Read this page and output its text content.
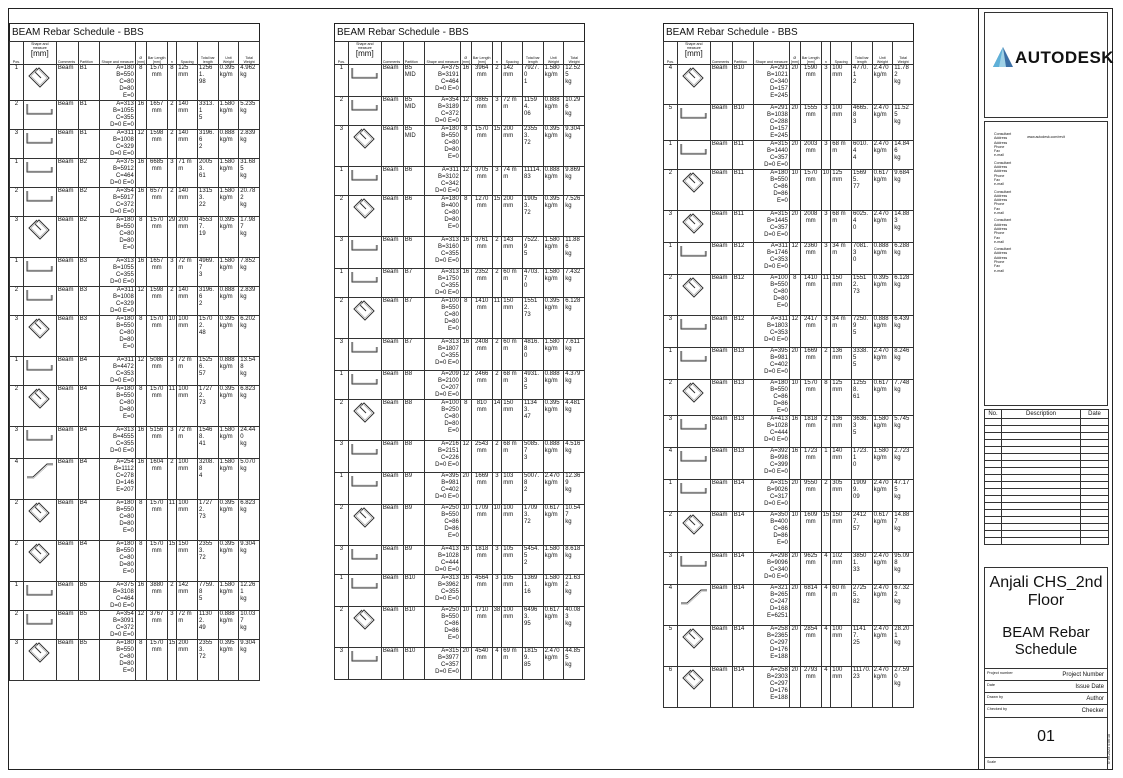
BEAM Rebar Schedule - BBS
Pos.	Shape and measure
[mm]	Comments	Partition	Shape and measure	Ø [mm]	Bar Length [mm]	n	Spacing	Total bar length	Unit Weight	Total Weight
1		Beam	B1	A=180
B=550
C=80
D=80
E=0	8	1570
mm	8	125
mm	12561.
98	0.395
kg/m	4.962
kg
2		Beam	B1	A=313
B=1055
C=355
D=0 E=0	16	1657
mm	2	140
mm	3313.1
5	1.580
kg/m	5.235
kg
3		Beam	B1	A=311
B=1008
C=329
D=0 E=0	12	1598
mm	2	140
mm	3196.6
2	0.888
kg/m	2.839
kg
1		Beam	B2	A=375
B=5912
C=464
D=0 E=0	16	6685
mm	3	71 mm	20053.
61	1.580
kg/m	31.685
kg
2		Beam	B2	A=354
B=5917
C=372
D=0 E=0	16	6577
mm	2	140
mm	13153.
22	1.580
kg/m	20.782
kg
3		Beam	B2	A=180
B=550
C=80
D=80
E=0	8	1570
mm	29	200
mm	45537.
19	0.395
kg/m	17.987
kg
1		Beam	B3	A=313
B=1055
C=355
D=0 E=0	16	1657
mm	3	72 mm	4969.7
3	1.580
kg/m	7.852
kg
2		Beam	B3	A=311
B=1008
C=329
D=0 E=0	12	1598
mm	2	140
mm	3196.6
2	0.888
kg/m	2.839
kg
3		Beam	B3	A=180
B=550
C=80
D=80
E=0	8	1570
mm	10	100
mm	15702.
48	0.395
kg/m	6.202
kg
1		Beam	B4	A=311
B=4472
C=353
D=0 E=0	12	5086
mm	3	72 mm	15256.
57	0.888
kg/m	13.548
kg
2		Beam	B4	A=180
B=550
C=80
D=80
E=0	8	1570
mm	11	100
mm	17272.
73	0.395
kg/m	6.823
kg
3		Beam	B4	A=313
B=4555
C=355
D=0 E=0	16	5156
mm	3	72 mm	15468.
41	1.580
kg/m	24.440
kg
4		Beam	B4	A=254
B=1112
C=278
D=146
E=207	16	1604
mm	2	100
mm	3208.8
4	1.580
kg/m	5.070
kg
2		Beam	B4	A=180
B=550
C=80
D=80
E=0	8	1570
mm	11	100
mm	17272.
73	0.395
kg/m	6.823
kg
2		Beam	B4	A=180
B=550
C=80
D=80
E=0	8	1570
mm	15	150
mm	23553.
72	0.395
kg/m	9.304
kg
1		Beam	B5	A=375
B=3108
C=464
D=0 E=0	16	3880
mm	2	142
mm	7759.8
5	1.580
kg/m	12.261
kg
2		Beam	B5	A=354
B=3091
C=372
D=0 E=0	12	3767
mm	3	72 mm	11302.
49	0.888
kg/m	10.037
kg
3		Beam	B5	A=180
B=550
C=80
D=80
E=0	8	1570
mm	15	200
mm	23553.
72	0.395
kg/m	9.304
kg
BEAM Rebar Schedule - BBS
Pos.	Shape and measure
[mm]	Comments	Partition	Shape and measure	Ø [mm]	Bar Length [mm]	n	Spacing	Total bar length	Unit Weight	Total Weight
1		Beam	B5
MID	A=375
B=3191
C=464
D=0 E=0	16	3964
mm	2	142
mm	7927.0
1	1.580
kg/m	12.525
kg
2		Beam	B5
MID	A=354
B=3189
C=372
D=0 E=0	12	3865
mm	3	72 mm	11594.
06	0.888
kg/m	10.296
kg
3		Beam	B5
MID	A=180
B=550
C=80
D=80
E=0	8	1570
mm	15	200
mm	23553.
72	0.395
kg/m	9.304
kg
1		Beam	B6	A=311
B=3102
C=342
D=0 E=0	12	3705
mm	3	74 mm	11114.
83	0.888
kg/m	9.869
kg
2		Beam	B6	A=180
B=400
C=80
D=80
E=0	8	1270
mm	15	200
mm	19053.
72	0.395
kg/m	7.526
kg
3		Beam	B6	A=313
B=3160
C=355
D=0 E=0	16	3761
mm	2	143
mm	7522.9
5	1.580
kg/m	11.886
kg
1		Beam	B7	A=313
B=1750
C=355
D=0 E=0	16	2352
mm	2	60 mm	4703.7
0	1.580
kg/m	7.432
kg
2		Beam	B7	A=100
B=550
C=80
D=80
E=0	8	1410
mm	11	150
mm	15512.
73	0.395
kg/m	6.128
kg
3		Beam	B7	A=313
B=1807
C=355
D=0 E=0	16	2408
mm	2	60 mm	4816.8
0	1.580
kg/m	7.611
kg
1		Beam	B8	A=209
B=2100
C=207
D=0 E=0	12	2466
mm	2	68 mm	4931.3
5	0.888
kg/m	4.379
kg
2		Beam	B8	A=100
B=250
C=80
D=80
E=0	8	810
mm	14	150
mm	11343.
47	0.395
kg/m	4.481
kg
3		Beam	B8	A=216
B=2151
C=226
D=0 E=0	12	2543
mm	2	68 mm	5085.7
3	0.888
kg/m	4.516
kg
1		Beam	B9	A=395
B=981
C=402
D=0 E=0	20	1669
mm	3	103
mm	5007.8
2	2.470
kg/m	12.369
kg
2		Beam	B9	A=250
B=550
C=86
D=86
E=0	10	1709
mm	10	100
mm	17093.
72	0.617
kg/m	10.547
kg
3		Beam	B9	A=413
B=1028
C=444
D=0 E=0	16	1818
mm	3	105
mm	5454.5
2	1.580
kg/m	8.618
kg
1		Beam	B10	A=313
B=3962
C=355
D=0 E=0	16	4564
mm	3	105
mm	13691.
16	1.580
kg/m	21.632
kg
2		Beam	B10	A=250
B=550
C=86
D=86
E=0	10	1710
mm	38	100
mm	64963.
95	0.617
kg/m	40.083
kg
3		Beam	B10	A=315
B=3977
C=357
D=0 E=0	20	4540
mm	4	69 mm	18159.
85	2.470
kg/m	44.855
kg
BEAM Rebar Schedule - BBS
Pos.	Shape and measure
[mm]	Comments	Partition	Shape and measure	Ø [mm]	Bar Length [mm]	n	Spacing	Total bar length	Unit Weight	Total Weight
4		Beam	B10	A=291
B=1021
C=340
D=157
E=245	20	1590
mm	3	100
mm	4770.1
2	2.470
kg/m	11.782
kg
5		Beam	B10	A=291
B=1038
C=288
D=157
E=245	20	1555
mm	3	100
mm	4665.8
3	2.470
kg/m	11.525
kg
1		Beam	B11	A=315
B=1440
C=357
D=0 E=0	20	2003
mm	3	68 mm	6010.4
4	2.470
kg/m	14.846
kg
2		Beam	B11	A=180
B=550
C=86
D=86
E=0	10	1570
mm	10	125
mm	15695.
77	0.617
kg/m	9.684
kg
3		Beam	B11	A=315
B=1445
C=357
D=0 E=0	20	2008
mm	3	68 mm	6025.4
0	2.470
kg/m	14.883
kg
1		Beam	B12	A=311
B=1746
C=353
D=0 E=0	12	2360
mm	3	34 mm	7081.3
0	0.888
kg/m	6.288
kg
2		Beam	B12	A=100
B=550
C=80
D=80
E=0	8	1410
mm	11	150
mm	15512.
73	0.395
kg/m	6.128
kg
3		Beam	B12	A=311
B=1803
C=353
D=0 E=0	12	2417
mm	3	34 mm	7250.9
5	0.888
kg/m	6.439
kg
1		Beam	B13	A=395
B=981
C=402
D=0 E=0	20	1669
mm	2	136
mm	3338.5
5	2.470
kg/m	8.246
kg
2		Beam	B13	A=180
B=550
C=86
D=86
E=0	10	1570
mm	8	125
mm	12558.
61	0.617
kg/m	7.748
kg
3		Beam	B13	A=413
B=1028
C=444
D=0 E=0	16	1818
mm	2	136
mm	3636.3
5	1.580
kg/m	5.745
kg
4		Beam	B13	A=392
B=998
C=399
D=0 E=0	16	1723
mm	1	140
mm	1723.1
0	1.580
kg/m	2.723
kg
1		Beam	B14	A=315
B=9026
C=317
D=0 E=0	20	9550
mm	2	305
mm	19099.
09	2.470
kg/m	47.175
kg
2		Beam	B14	A=350
B=400
C=86
D=86
E=0	10	1609
mm	15	150
mm	24127.
57	0.617
kg/m	14.887
kg
3		Beam	B14	A=298
B=9096
C=340
D=0 E=0	20	9625
mm	4	102
mm	38501.
33	2.470
kg/m	95.098
kg
4		Beam	B14	A=321
B=265
C=247
D=168
E=6251	20	6814
mm	4	60 mm	27255.
82	2.470
kg/m	67.322
kg
5		Beam	B14	A=258
B=2365
C=297
D=176
E=188	20	2854
mm	4	100
mm	11417.
25	2.470
kg/m	28.201
kg
6		Beam	B14	A=258
B=2303
C=297
D=176
E=188	20	2793
mm	4	100
mm	11170.
23	2.470
kg/m	27.590
kg
AUTODESK
www.autodesk.com/revit
Consultant
Address
Address
Phone
Fax
e-mail
Consultant
Address
Address
Phone
Fax
e-mail
Consultant
Address
Address
Phone
Fax
e-mail
Consultant
Address
Address
Phone
Fax
e-mail
Consultant
Address
Address
Phone
Fax
e-mail
No.	Description	Date

Anjali CHS_2nd Floor
BEAM Rebar Schedule
Project number	Project Number
Date	Issue Date
Drawn by	Author
Checked by	Checker
01
Scale	5/ 09-2023 4:06:18
